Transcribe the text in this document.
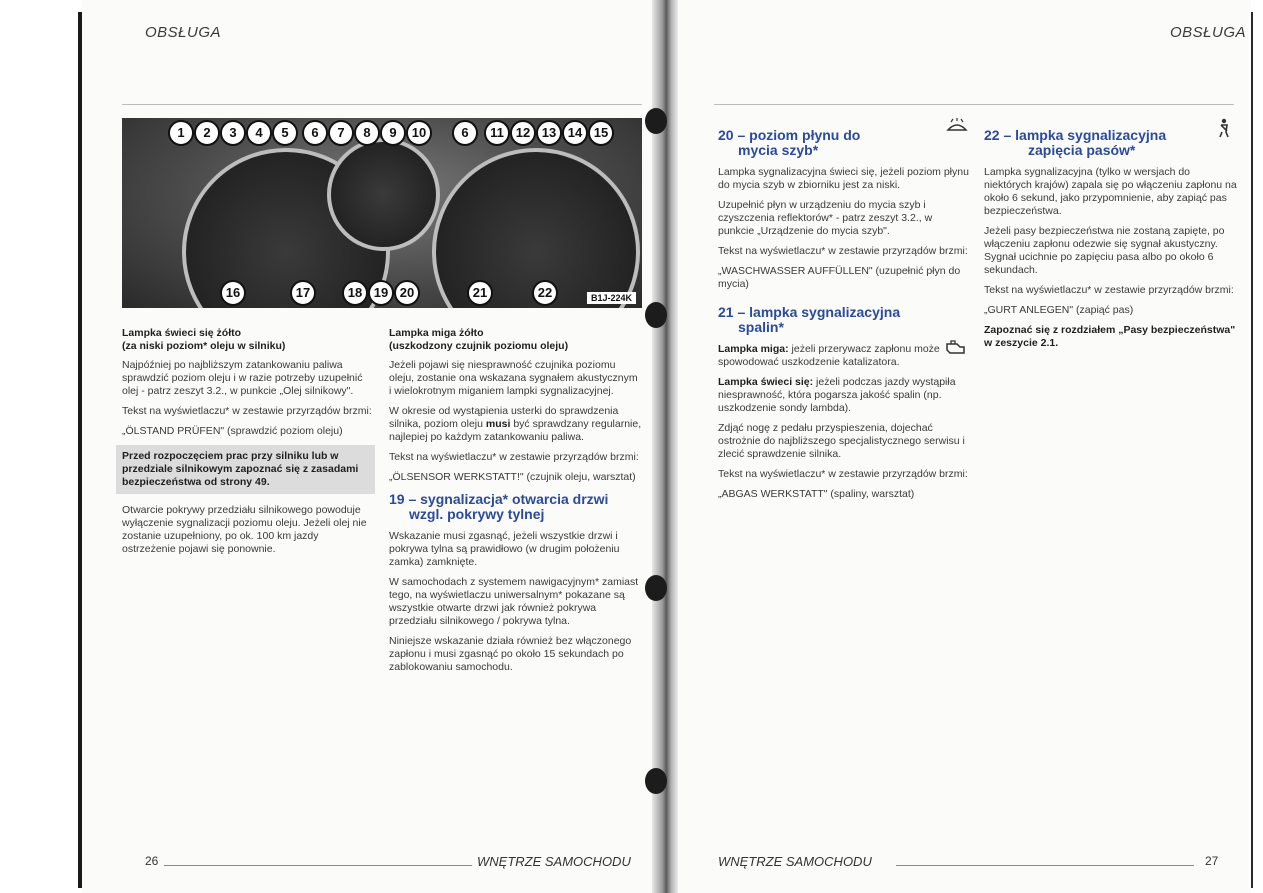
OBSŁUGA
1	2	3	4	5	6	7	8	9	10	6	11 12 13 14 15
16	17	18 19 20	21	22	B1J-224K
Lampka świeci się żółto
(za niski poziom* oleju w silniku)

Najpóźniej po najbliższym zatankowaniu paliwa sprawdzić poziom oleju i w razie potrzeby uzupełnić olej - patrz zeszyt 3.2., w punkcie „Olej silnikowy".

Tekst na wyświetlaczu* w zestawie przyrządów brzmi:

„ÖLSTAND PRÜFEN" (sprawdzić poziom oleju)

Przed rozpoczęciem prac przy silniku lub w przedziale silnikowym zapoznać się z zasadami bezpieczeństwa od strony 49.

Otwarcie pokrywy przedziału silnikowego powoduje wyłączenie sygnalizacji poziomu oleju. Jeżeli olej nie zostanie uzupełniony, po ok. 100 km jazdy ostrzeżenie pojawi się ponownie.

Lampka miga żółto
(uszkodzony czujnik poziomu oleju)

Jeżeli pojawi się niesprawność czujnika poziomu oleju, zostanie ona wskazana sygnałem akustycznym i wielokrotnym miganiem lampki sygnalizacyjnej.

W okresie od wystąpienia usterki do sprawdzenia silnika, poziom oleju musi być sprawdzany regularnie, najlepiej po każdym zatankowaniu paliwa.

Tekst na wyświetlaczu* w zestawie przyrządów brzmi:

„ÖLSENSOR WERKSTATT!" (czujnik oleju, warsztat)

19 – sygnalizacja* otwarcia drzwi
wzgl. pokrywy tylnej

Wskazanie musi zgasnąć, jeżeli wszystkie drzwi i pokrywa tylna są prawidłowo (w drugim położeniu zamka) zamknięte.

W samochodach z systemem nawigacyjnym* zamiast tego, na wyświetlaczu uniwersalnym* pokazane są wszystkie otwarte drzwi jak również pokrywa przedziału silnikowego / pokrywa tylna.

Niniejsze wskazanie działa również bez włączonego zapłonu i musi zgasnąć po około 15 sekundach po zablokowaniu samochodu.

26	WNĘTRZE SAMOCHODU
OBSŁUGA
20 – poziom płynu do
mycia szyb*

Lampka sygnalizacyjna świeci się, jeżeli poziom płynu do mycia szyb w zbiorniku jest za niski.

Uzupełnić płyn w urządzeniu do mycia szyb i czyszczenia reflektorów* - patrz zeszyt 3.2., w punkcie „Urządzenie do mycia szyb".

Tekst na wyświetlaczu* w zestawie przyrządów brzmi:

„WASCHWASSER AUFFÜLLEN" (uzupełnić płyn do mycia)

21 – lampka sygnalizacyjna
spalin*

Lampka miga: jeżeli przerywacz zapłonu może spowodować uszkodzenie katalizatora.

Lampka świeci się: jeżeli podczas jazdy wystąpiła niesprawność, która pogarsza jakość spalin (np. uszkodzenie sondy lambda).

Zdjąć nogę z pedału przyspieszenia, dojechać ostrożnie do najbliższego specjalistycznego serwisu i zlecić sprawdzenie silnika.

Tekst na wyświetlaczu* w zestawie przyrządów brzmi:

„ABGAS WERKSTATT" (spaliny, warsztat)

22 – lampka sygnalizacyjna
zapięcia pasów*

Lampka sygnalizacyjna (tylko w wersjach do niektórych krajów) zapala się po włączeniu zapłonu na około 6 sekund, jako przypomnienie, aby zapiąć pas bezpieczeństwa.

Jeżeli pasy bezpieczeństwa nie zostaną zapięte, po włączeniu zapłonu odezwie się sygnał akustyczny. Sygnał ucichnie po zapięciu pasa albo po około 6 sekundach.

Tekst na wyświetlaczu* w zestawie przyrządów brzmi:

„GURT ANLEGEN" (zapiąć pas)

Zapoznać się z rozdziałem „Pasy bezpieczeństwa" w zeszycie 2.1.

WNĘTRZE SAMOCHODU	27
